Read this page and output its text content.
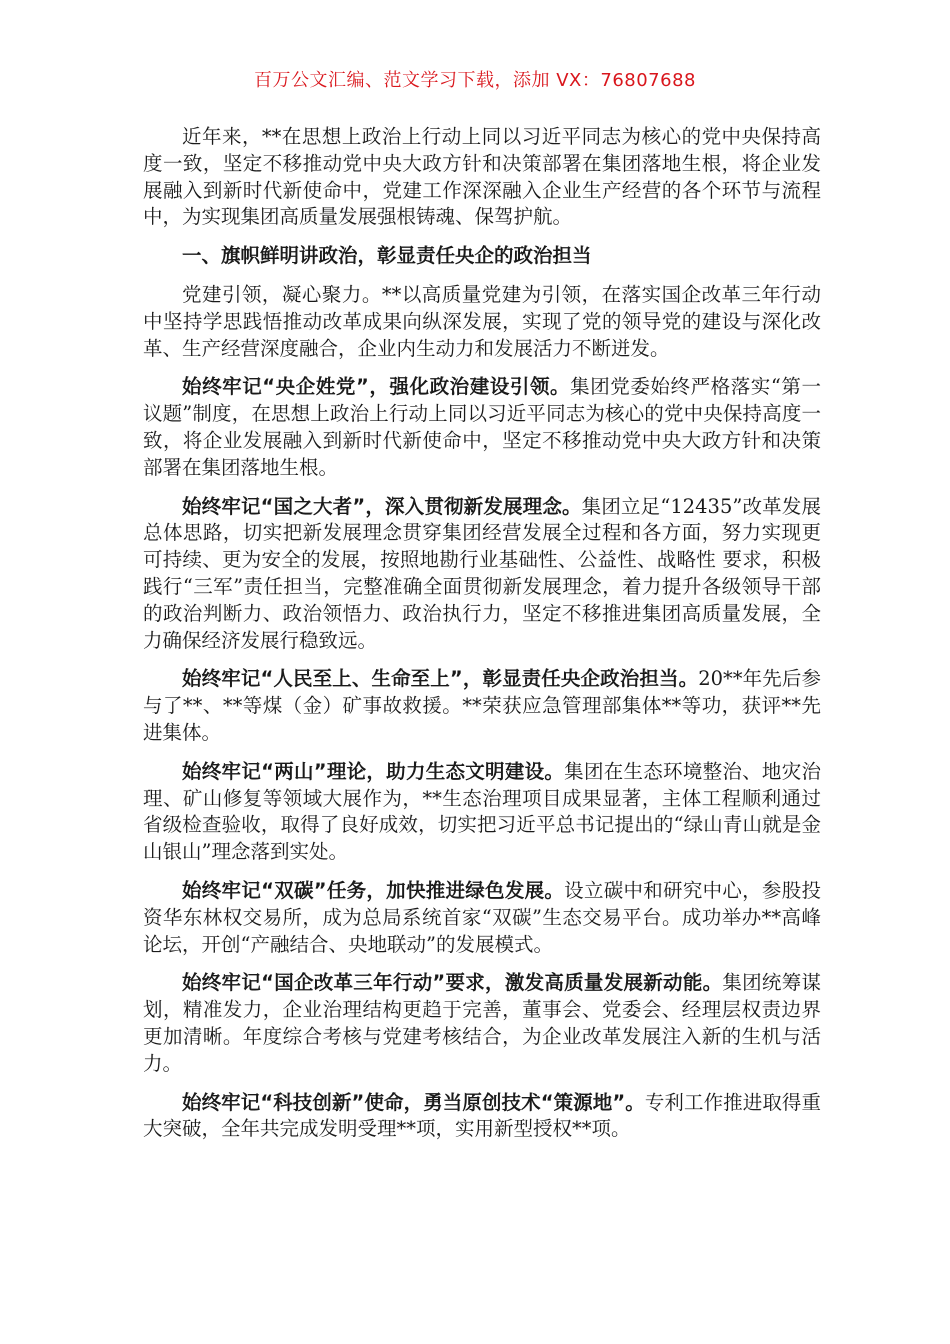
百万公文汇编、范文学习下载，添加 VX：76807688

近年来，**在思想上政治上行动上同以习近平同志为核心的党中央保持高度一致，坚定不移推动党中央大政方针和决策部署在集团落地生根，将企业发展融入到新时代新使命中，党建工作深深融入企业生产经营的各个环节与流程中，为实现集团高质量发展强根铸魂、保驾护航。

一、旗帜鲜明讲政治，彰显责任央企的政治担当

党建引领，凝心聚力。**以高质量党建为引领，在落实国企改革三年行动中坚持学思践悟推动改革成果向纵深发展，实现了党的领导党的建设与深化改革、生产经营深度融合，企业内生动力和发展活力不断迸发。

始终牢记“央企姓党”，强化政治建设引领。集团党委始终严格落实“第一议题”制度，在思想上政治上行动上同以习近平同志为核心的党中央保持高度一致，将企业发展融入到新时代新使命中，坚定不移推动党中央大政方针和决策部署在集团落地生根。

始终牢记“国之大者”，深入贯彻新发展理念。集团立足“12435”改革发展总体思路，切实把新发展理念贯穿集团经营发展全过程和各方面，努力实现更可持续、更为安全的发展，按照地勘行业基础性、公益性、战略性 要求，积极践行“三军”责任担当，完整准确全面贯彻新发展理念，着力提升各级领导干部的政治判断力、政治领悟力、政治执行力，坚定不移推进集团高质量发展，全力确保经济发展行稳致远。

始终牢记“人民至上、生命至上”，彰显责任央企政治担当。20**年先后参与了**、**等煤（金）矿事故救援。**荣获应急管理部集体**等功，获评**先进集体。

始终牢记“两山”理论，助力生态文明建设。集团在生态环境整治、地灾治理、矿山修复等领域大展作为，**生态治理项目成果显著，主体工程顺利通过省级检查验收，取得了良好成效，切实把习近平总书记提出的“绿山青山就是金山银山”理念落到实处。

始终牢记“双碳”任务，加快推进绿色发展。设立碳中和研究中心，参股投资华东林权交易所，成为总局系统首家“双碳”生态交易平台。成功举办**高峰论坛，开创“产融结合、央地联动”的发展模式。

始终牢记“国企改革三年行动”要求，激发高质量发展新动能。集团统筹谋划，精准发力，企业治理结构更趋于完善，董事会、党委会、经理层权责边界更加清晰。年度综合考核与党建考核结合，为企业改革发展注入新的生机与活力。

始终牢记“科技创新”使命，勇当原创技术“策源地”。专利工作推进取得重大突破，全年共完成发明受理**项，实用新型授权**项。
